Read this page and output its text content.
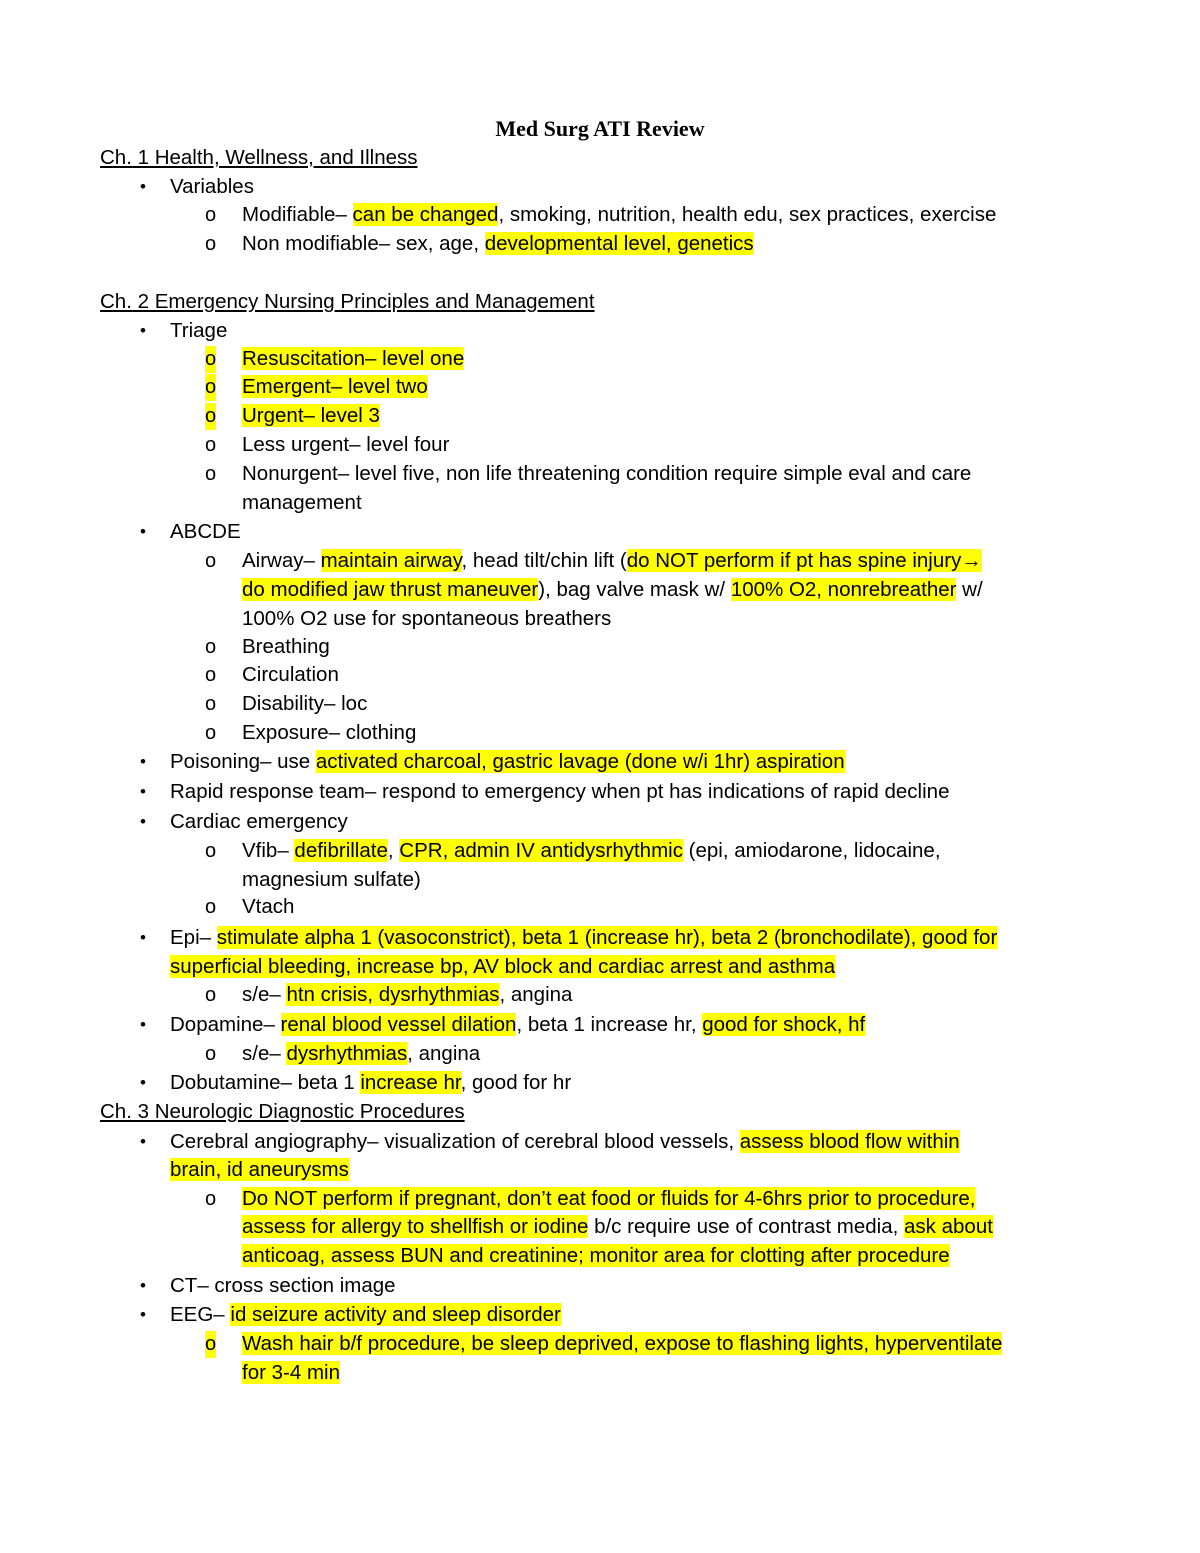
Med Surg ATI Review
Ch. 1 Health, Wellness, and Illness
• Variables
o Modifiable– can be changed, smoking, nutrition, health edu, sex practices, exercise
o Non modifiable– sex, age, developmental level, genetics
Ch. 2 Emergency Nursing Principles and Management
• Triage
o Resuscitation– level one
o Emergent– level two
o Urgent– level 3
o Less urgent– level four
o Nonurgent– level five, non life threatening condition require simple eval and care
management
• ABCDE
o Airway– maintain airway, head tilt/chin lift (do NOT perform if pt has spine injury→
do modified jaw thrust maneuver), bag valve mask w/ 100% O2, nonrebreather w/
100% O2 use for spontaneous breathers
o Breathing
o Circulation
o Disability– loc
o Exposure– clothing
• Poisoning– use activated charcoal, gastric lavage (done w/i 1hr) aspiration
• Rapid response team– respond to emergency when pt has indications of rapid decline
• Cardiac emergency
o Vfib– defibrillate, CPR, admin IV antidysrhythmic (epi, amiodarone, lidocaine,
magnesium sulfate)
o Vtach
• Epi– stimulate alpha 1 (vasoconstrict), beta 1 (increase hr), beta 2 (bronchodilate), good for
superficial bleeding, increase bp, AV block and cardiac arrest and asthma
o s/e– htn crisis, dysrhythmias, angina
• Dopamine– renal blood vessel dilation, beta 1 increase hr, good for shock, hf
o s/e– dysrhythmias, angina
• Dobutamine– beta 1 increase hr, good for hr
Ch. 3 Neurologic Diagnostic Procedures
• Cerebral angiography– visualization of cerebral blood vessels, assess blood flow within
brain, id aneurysms
o Do NOT perform if pregnant, don’t eat food or fluids for 4-6hrs prior to procedure,
assess for allergy to shellfish or iodine b/c require use of contrast media, ask about
anticoag, assess BUN and creatinine; monitor area for clotting after procedure
• CT– cross section image
• EEG– id seizure activity and sleep disorder
o Wash hair b/f procedure, be sleep deprived, expose to flashing lights, hyperventilate
for 3-4 min
